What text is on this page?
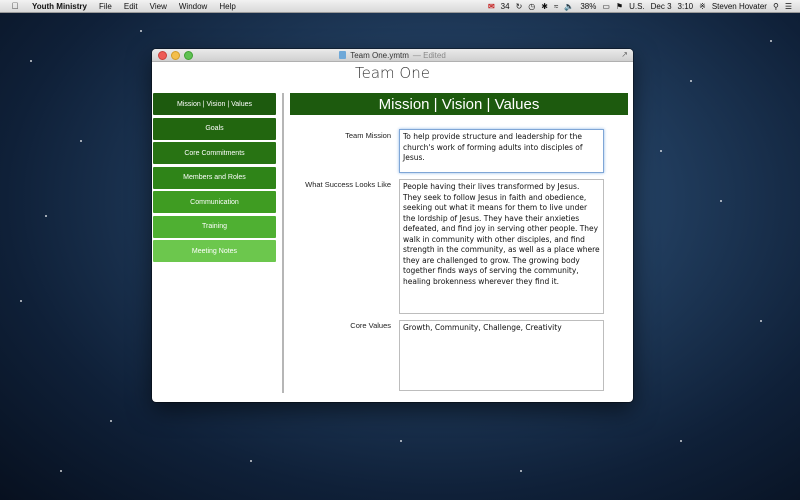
Youth Ministry File Edit View Window Help	✉ 34 ↻ ◷ ✱ ≈ 🔈 38% ▭ ⚑ U.S. Dec 3 3:10 ※ Steven Hovater ⚲ ☰
Team One.ymtm — Edited	↗
Team One
Mission | Vision | Values
Goals
Core Commitments
Members and Roles
Communication
Training
Meeting Notes
Mission | Vision | Values
Team Mission	To help provide structure and leadership for the church's work of forming adults into disciples of Jesus.
What Success Looks Like	People having their lives transformed by Jesus. They seek to follow Jesus in faith and obedience, seeking out what it means for them to live under the lordship of Jesus. They have their anxieties defeated, and find joy in serving other people. They walk in community with other disciples, and find strength in the community, as well as a place where they are challenged to grow. The growing body together finds ways of serving the community, healing brokenness wherever they find it.
Core Values	Growth, Community, Challenge, Creativity
